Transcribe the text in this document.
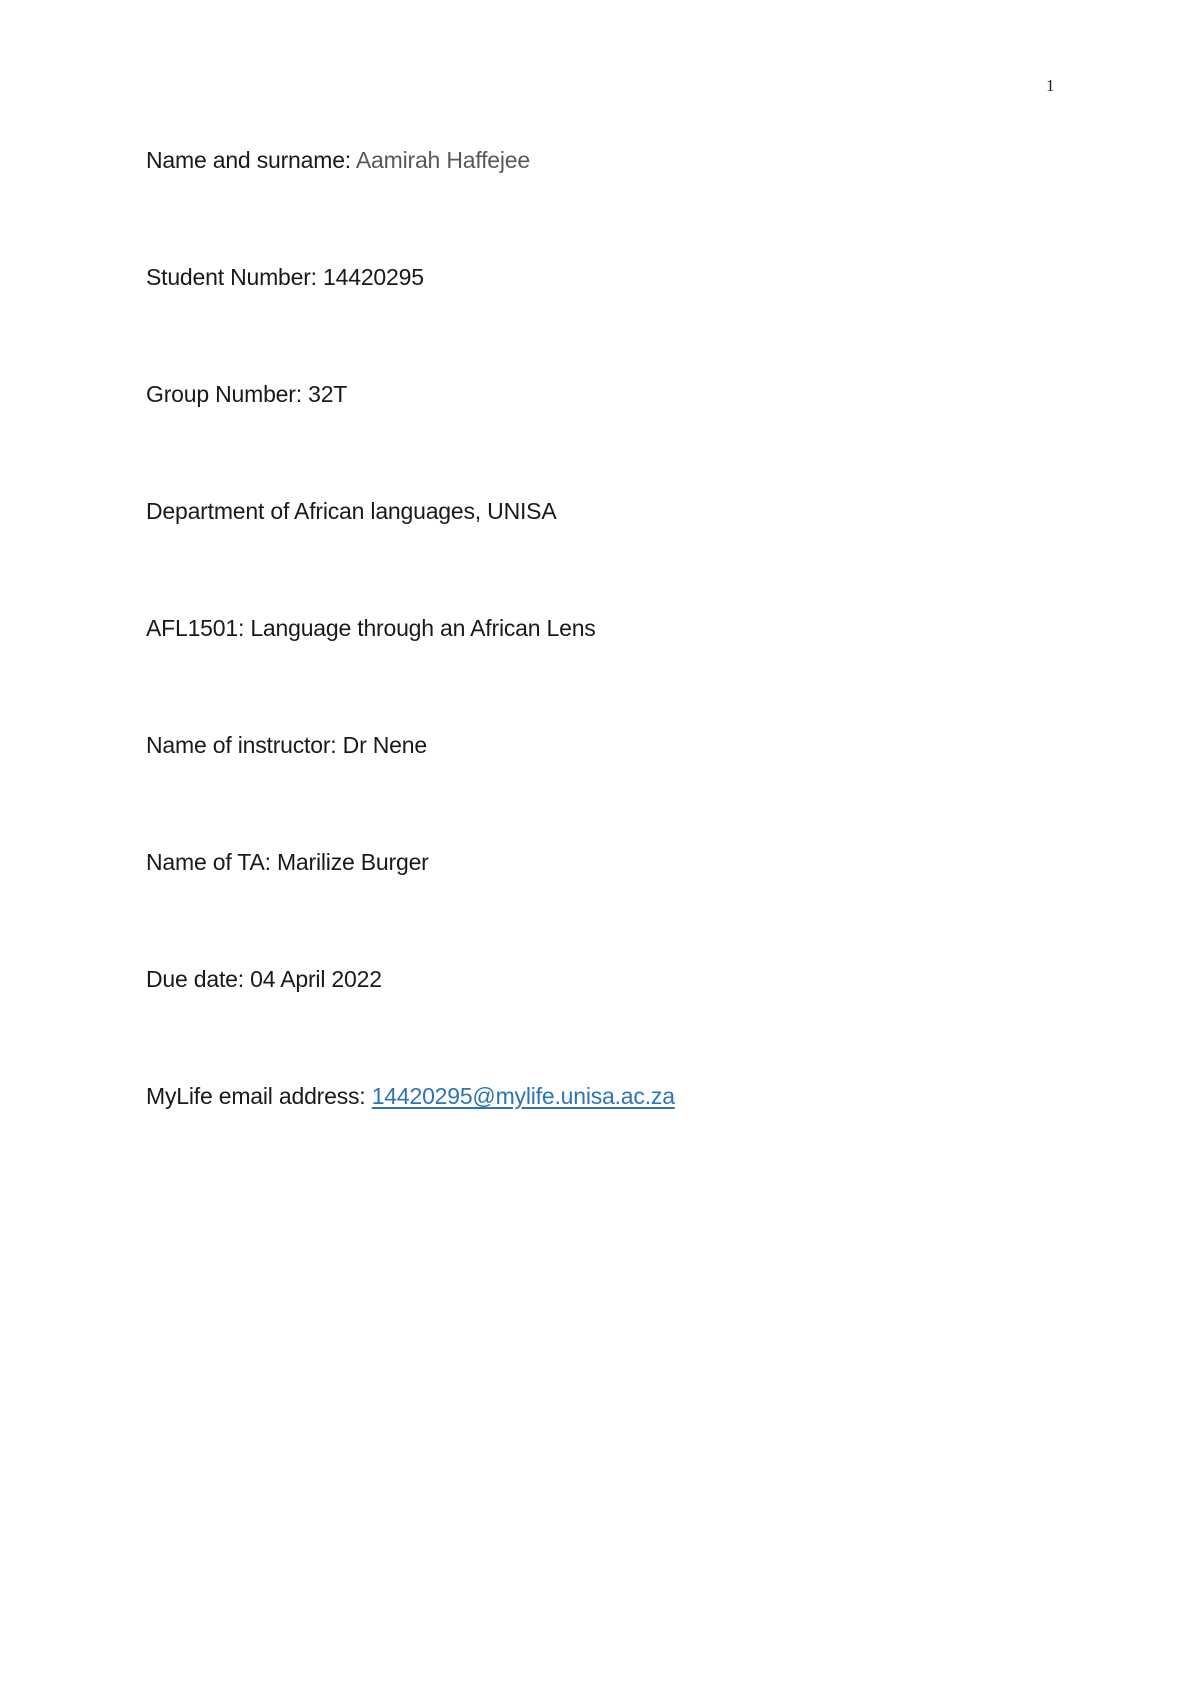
1
Name and surname: Aamirah Haffejee
Student Number: 14420295
Group Number: 32T
Department of African languages, UNISA
AFL1501: Language through an African Lens
Name of instructor: Dr Nene
Name of TA: Marilize Burger
Due date: 04 April 2022
MyLife email address: 14420295@mylife.unisa.ac.za
